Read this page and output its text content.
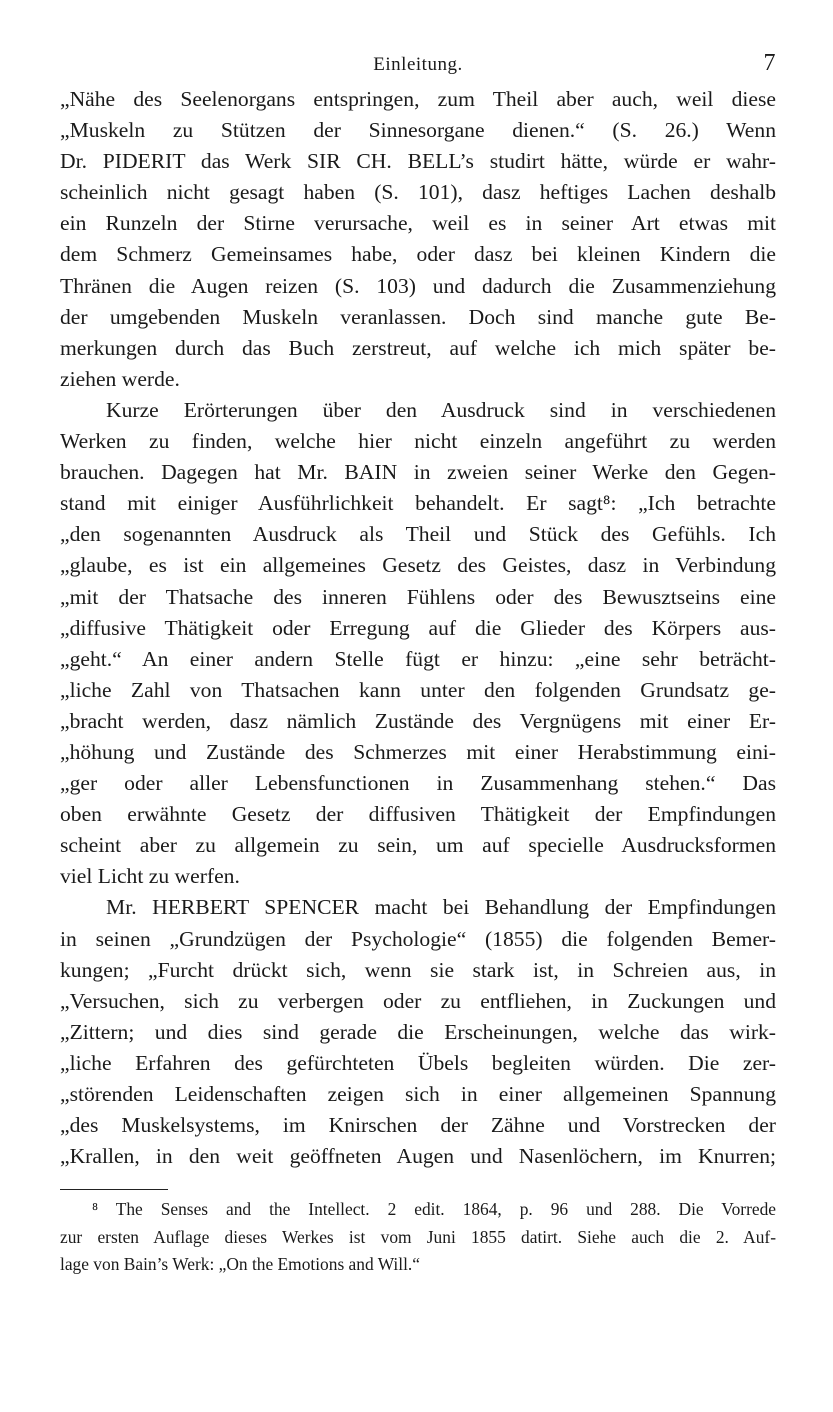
Einleitung.	7
„Nähe des Seelenorgans entspringen, zum Theil aber auch, weil diese
„Muskeln zu Stützen der Sinnesorgane dienen.“ (S. 26.) Wenn
Dr. PIDERIT das Werk SIR CH. BELL’s studirt hätte, würde er wahr-
scheinlich nicht gesagt haben (S. 101), dasz heftiges Lachen deshalb
ein Runzeln der Stirne verursache, weil es in seiner Art etwas mit
dem Schmerz Gemeinsames habe, oder dasz bei kleinen Kindern die
Thränen die Augen reizen (S. 103) und dadurch die Zusammenziehung
der umgebenden Muskeln veranlassen. Doch sind manche gute Be-
merkungen durch das Buch zerstreut, auf welche ich mich später be-
ziehen werde.
Kurze Erörterungen über den Ausdruck sind in verschiedenen
Werken zu finden, welche hier nicht einzeln angeführt zu werden
brauchen. Dagegen hat Mr. BAIN in zweien seiner Werke den Gegen-
stand mit einiger Ausführlichkeit behandelt. Er sagt⁸: „Ich betrachte
„den sogenannten Ausdruck als Theil und Stück des Gefühls. Ich
„glaube, es ist ein allgemeines Gesetz des Geistes, dasz in Verbindung
„mit der Thatsache des inneren Fühlens oder des Bewusztseins eine
„diffusive Thätigkeit oder Erregung auf die Glieder des Körpers aus-
„geht.“ An einer andern Stelle fügt er hinzu: „eine sehr beträcht-
„liche Zahl von Thatsachen kann unter den folgenden Grundsatz ge-
„bracht werden, dasz nämlich Zustände des Vergnügens mit einer Er-
„höhung und Zustände des Schmerzes mit einer Herabstimmung eini-
„ger oder aller Lebensfunctionen in Zusammenhang stehen.“ Das
oben erwähnte Gesetz der diffusiven Thätigkeit der Empfindungen
scheint aber zu allgemein zu sein, um auf specielle Ausdrucksformen
viel Licht zu werfen.
Mr. HERBERT SPENCER macht bei Behandlung der Empfindungen
in seinen „Grundzügen der Psychologie“ (1855) die folgenden Bemer-
kungen; „Furcht drückt sich, wenn sie stark ist, in Schreien aus, in
„Versuchen, sich zu verbergen oder zu entfliehen, in Zuckungen und
„Zittern; und dies sind gerade die Erscheinungen, welche das wirk-
„liche Erfahren des gefürchteten Übels begleiten würden. Die zer-
„störenden Leidenschaften zeigen sich in einer allgemeinen Spannung
„des Muskelsystems, im Knirschen der Zähne und Vorstrecken der
„Krallen, in den weit geöffneten Augen und Nasenlöchern, im Knurren;
⁸ The Senses and the Intellect. 2 edit. 1864, p. 96 und 288. Die Vorrede
zur ersten Auflage dieses Werkes ist vom Juni 1855 datirt. Siehe auch die 2. Auf-
lage von Bain’s Werk: „On the Emotions and Will.“
